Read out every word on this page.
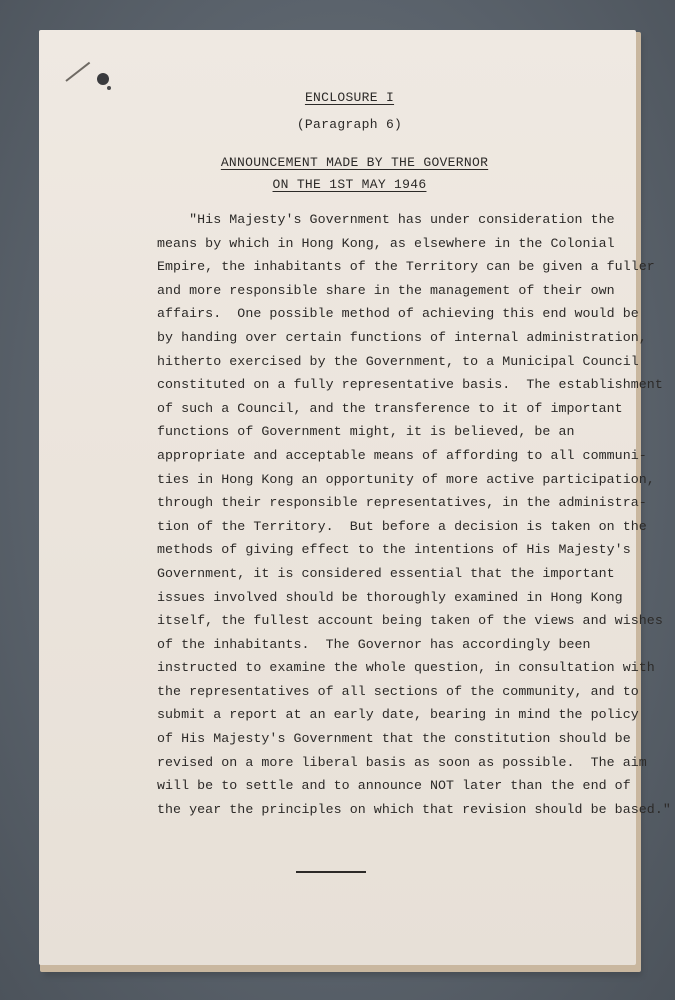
ENCLOSURE I
(Paragraph 6)
ANNOUNCEMENT MADE BY THE GOVERNOR
ON THE 1ST MAY 1946
"His Majesty's Government has under consideration the
means by which in Hong Kong, as elsewhere in the Colonial
Empire, the inhabitants of the Territory can be given a fuller
and more responsible share in the management of their own
affairs.  One possible method of achieving this end would be
by handing over certain functions of internal administration,
hitherto exercised by the Government, to a Municipal Council
constituted on a fully representative basis.  The establishment
of such a Council, and the transference to it of important
functions of Government might, it is believed, be an
appropriate and acceptable means of affording to all communi-
ties in Hong Kong an opportunity of more active participation,
through their responsible representatives, in the administra-
tion of the Territory.  But before a decision is taken on the
methods of giving effect to the intentions of His Majesty's
Government, it is considered essential that the important
issues involved should be thoroughly examined in Hong Kong
itself, the fullest account being taken of the views and wishes
of the inhabitants.  The Governor has accordingly been
instructed to examine the whole question, in consultation with
the representatives of all sections of the community, and to
submit a report at an early date, bearing in mind the policy
of His Majesty's Government that the constitution should be
revised on a more liberal basis as soon as possible.  The aim
will be to settle and to announce NOT later than the end of
the year the principles on which that revision should be based."
